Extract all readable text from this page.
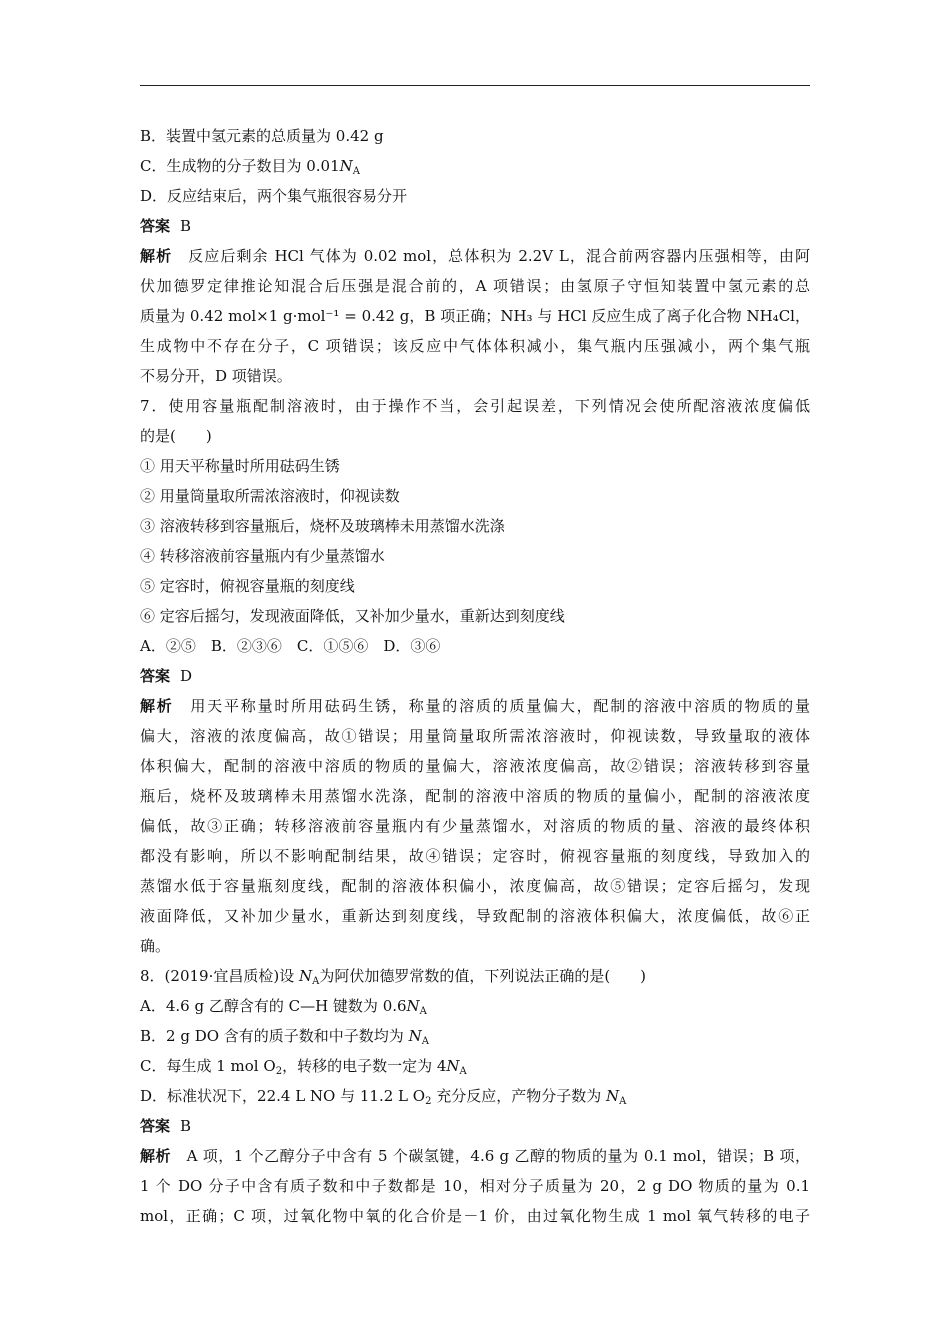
B．装置中氢元素的总质量为 0.42 g
C．生成物的分子数目为 $0.01N_A$
D．反应结束后，两个集气瓶很容易分开
答案 B
解析　 反应后剩余 HCl 气体为 0.02 mol，总体积为 2.2V L，混合前两容器内压强相等，由阿
伏加德罗定律推论知混合后压强是混合前的，A 项错误；由氢原子守恒知装置中氢元素的总
质量为 0.42 mol×1 g·mol⁻¹ = 0.42 g，B 项正确；NH₃ 与 HCl 反应生成了离子化合物 NH₄Cl，
生成物中不存在分子，C 项错误；该反应中气体体积减小，集气瓶内压强减小，两个集气瓶
不易分开，D 项错误。
7．使用容量瓶配制溶液时，由于操作不当，会引起误差，下列情况会使所配溶液浓度偏低
的是(　　)
① 用天平称量时所用砝码生锈
② 用量筒量取所需浓溶液时，仰视读数
③ 溶液转移到容量瓶后，烧杯及玻璃棒未用蒸馏水洗涤
④ 转移溶液前容量瓶内有少量蒸馏水
⑤ 定容时，俯视容量瓶的刻度线
⑥ 定容后摇匀，发现液面降低，又补加少量水，重新达到刻度线
A．②⑤　B．②③⑥　C．①⑤⑥　D．③⑥
答案 D
解析　 用天平称量时所用砝码生锈，称量的溶质的质量偏大，配制的溶液中溶质的物质的量
偏大，溶液的浓度偏高，故①错误；用量筒量取所需浓溶液时，仰视读数，导致量取的液体
体积偏大，配制的溶液中溶质的物质的量偏大，溶液浓度偏高，故②错误；溶液转移到容量
瓶后，烧杯及玻璃棒未用蒸馏水洗涤，配制的溶液中溶质的物质的量偏小，配制的溶液浓度
偏低，故③正确；转移溶液前容量瓶内有少量蒸馏水，对溶质的物质的量、溶液的最终体积
都没有影响，所以不影响配制结果，故④错误；定容时，俯视容量瓶的刻度线，导致加入的
蒸馏水低于容量瓶刻度线，配制的溶液体积偏小，浓度偏高，故⑤错误；定容后摇匀，发现
液面降低，又补加少量水，重新达到刻度线，导致配制的溶液体积偏大，浓度偏低，故⑥正
确。
8．(2019·宜昌质检)设 $N_A$为阿伏加德罗常数的值，下列说法正确的是(　　)
A．4.6 g 乙醇含有的 C—H 键数为 $0.6N_A$
B．2 g DO 含有的质子数和中子数均为 $N_A$
C．每生成 1 mol $O_2$，转移的电子数一定为 $4N_A$
D．标准状况下，22.4 L NO 与 11.2 L $O_2$ 充分反应，产物分子数为 $N_A$
答案 B
解析　 A 项，1 个乙醇分子中含有 5 个碳氢键，4.6 g 乙醇的物质的量为 0.1 mol，错误；B 项，
1 个 DO 分子中含有质子数和中子数都是 10，相对分子质量为 20，2 g DO 物质的量为 0.1
mol，正确；C 项，过氧化物中氧的化合价是－1 价，由过氧化物生成 1 mol 氧气转移的电子
